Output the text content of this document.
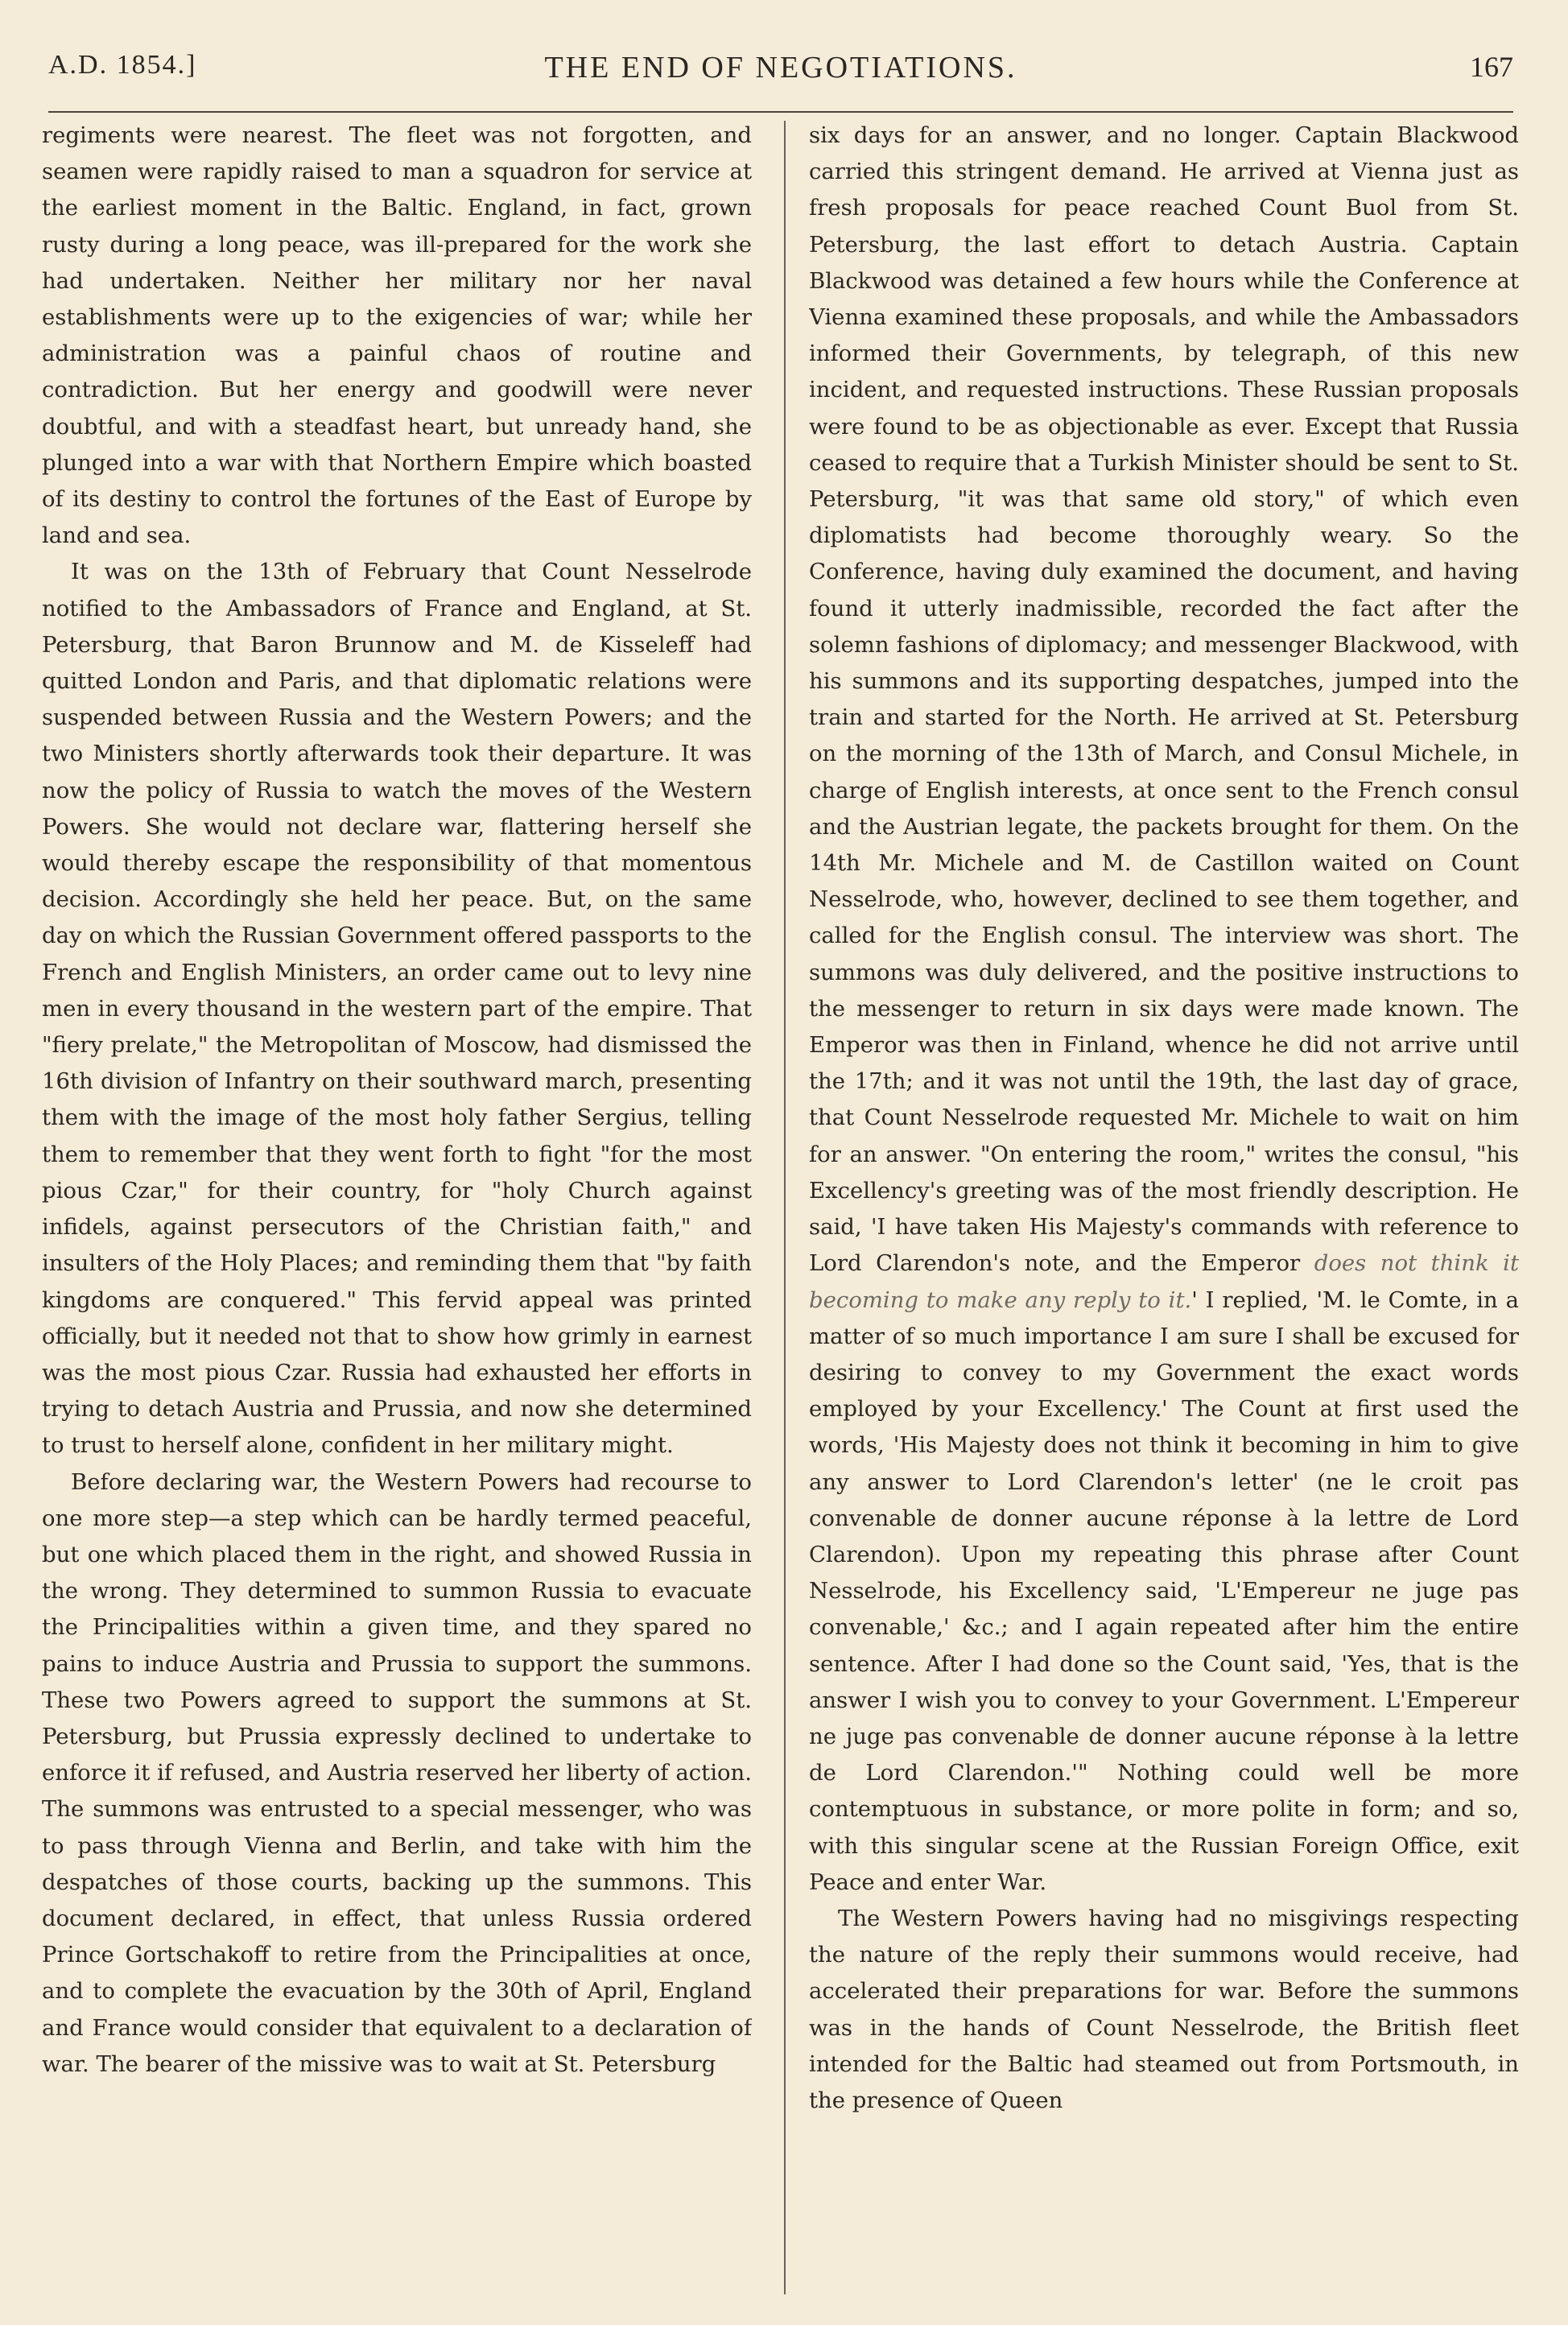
A.D. 1854.]	THE END OF NEGOTIATIONS.	167

regiments were nearest. The fleet was not forgotten, and seamen were rapidly raised to man a squadron for service at the earliest moment in the Baltic. England, in fact, grown rusty during a long peace, was ill-prepared for the work she had undertaken. Neither her military nor her naval establishments were up to the exigencies of war; while her administration was a painful chaos of routine and contradiction. But her energy and goodwill were never doubtful, and with a steadfast heart, but unready hand, she plunged into a war with that Northern Empire which boasted of its destiny to control the fortunes of the East of Europe by land and sea.

It was on the 13th of February that Count Nesselrode notified to the Ambassadors of France and England, at St. Petersburg, that Baron Brunnow and M. de Kisseleff had quitted London and Paris, and that diplomatic relations were suspended between Russia and the Western Powers; and the two Ministers shortly afterwards took their departure. It was now the policy of Russia to watch the moves of the Western Powers. She would not declare war, flattering herself she would thereby escape the responsibility of that momentous decision. Accordingly she held her peace. But, on the same day on which the Russian Government offered passports to the French and English Ministers, an order came out to levy nine men in every thousand in the western part of the empire. That "fiery prelate," the Metropolitan of Moscow, had dismissed the 16th division of Infantry on their southward march, presenting them with the image of the most holy father Sergius, telling them to remember that they went forth to fight "for the most pious Czar," for their country, for "holy Church against infidels, against persecutors of the Christian faith," and insulters of the Holy Places; and reminding them that "by faith kingdoms are conquered." This fervid appeal was printed officially, but it needed not that to show how grimly in earnest was the most pious Czar. Russia had exhausted her efforts in trying to detach Austria and Prussia, and now she determined to trust to herself alone, confident in her military might.

Before declaring war, the Western Powers had recourse to one more step—a step which can be hardly termed peaceful, but one which placed them in the right, and showed Russia in the wrong. They determined to summon Russia to evacuate the Principalities within a given time, and they spared no pains to induce Austria and Prussia to support the summons. These two Powers agreed to support the summons at St. Petersburg, but Prussia expressly declined to undertake to enforce it if refused, and Austria reserved her liberty of action. The summons was entrusted to a special messenger, who was to pass through Vienna and Berlin, and take with him the despatches of those courts, backing up the summons. This document declared, in effect, that unless Russia ordered Prince Gortschakoff to retire from the Principalities at once, and to complete the evacuation by the 30th of April, England and France would consider that equivalent to a declaration of war. The bearer of the missive was to wait at St. Petersburg

six days for an answer, and no longer. Captain Blackwood carried this stringent demand. He arrived at Vienna just as fresh proposals for peace reached Count Buol from St. Petersburg, the last effort to detach Austria. Captain Blackwood was detained a few hours while the Conference at Vienna examined these proposals, and while the Ambassadors informed their Governments, by telegraph, of this new incident, and requested instructions. These Russian proposals were found to be as objectionable as ever. Except that Russia ceased to require that a Turkish Minister should be sent to St. Petersburg, "it was that same old story," of which even diplomatists had become thoroughly weary. So the Conference, having duly examined the document, and having found it utterly inadmissible, recorded the fact after the solemn fashions of diplomacy; and messenger Blackwood, with his summons and its supporting despatches, jumped into the train and started for the North. He arrived at St. Petersburg on the morning of the 13th of March, and Consul Michele, in charge of English interests, at once sent to the French consul and the Austrian legate, the packets brought for them. On the 14th Mr. Michele and M. de Castillon waited on Count Nesselrode, who, however, declined to see them together, and called for the English consul. The interview was short. The summons was duly delivered, and the positive instructions to the messenger to return in six days were made known. The Emperor was then in Finland, whence he did not arrive until the 17th; and it was not until the 19th, the last day of grace, that Count Nesselrode requested Mr. Michele to wait on him for an answer. "On entering the room," writes the consul, "his Excellency's greeting was of the most friendly description. He said, 'I have taken His Majesty's commands with reference to Lord Clarendon's note, and the Emperor does not think it becoming to make any reply to it.' I replied, 'M. le Comte, in a matter of so much importance I am sure I shall be excused for desiring to convey to my Government the exact words employed by your Excellency.' The Count at first used the words, 'His Majesty does not think it becoming in him to give any answer to Lord Clarendon's letter' (ne le croit pas convenable de donner aucune réponse à la lettre de Lord Clarendon). Upon my repeating this phrase after Count Nesselrode, his Excellency said, 'L'Empereur ne juge pas convenable,' &c.; and I again repeated after him the entire sentence. After I had done so the Count said, 'Yes, that is the answer I wish you to convey to your Government. L'Empereur ne juge pas convenable de donner aucune réponse à la lettre de Lord Clarendon.'" Nothing could well be more contemptuous in substance, or more polite in form; and so, with this singular scene at the Russian Foreign Office, exit Peace and enter War.

The Western Powers having had no misgivings respecting the nature of the reply their summons would receive, had accelerated their preparations for war. Before the summons was in the hands of Count Nesselrode, the British fleet intended for the Baltic had steamed out from Portsmouth, in the presence of Queen
